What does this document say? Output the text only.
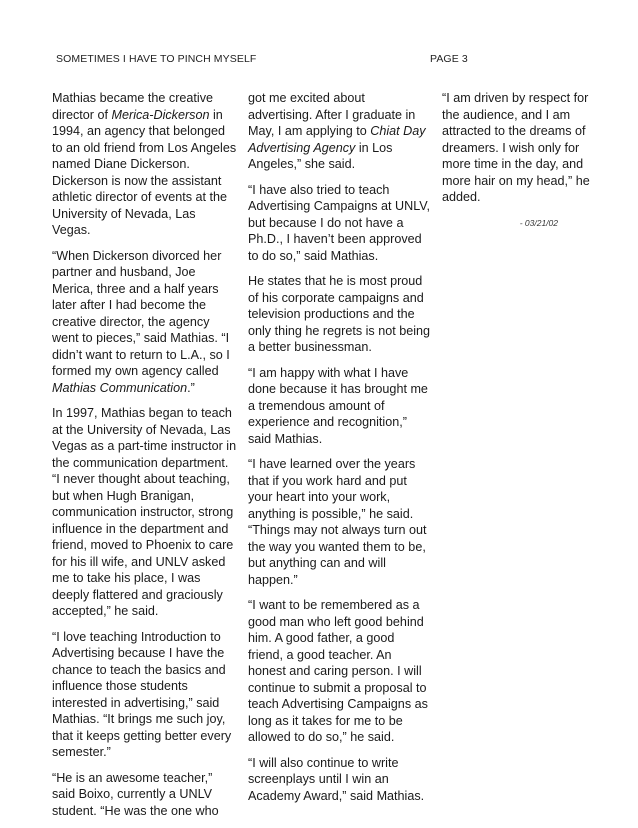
SOMETIMES I HAVE TO PINCH MYSELF	PAGE 3

Mathias became the creative director of Merica-Dickerson in 1994, an agency that belonged to an old friend from Los Angeles named Diane Dickerson. Dickerson is now the assistant athletic director of events at the University of Nevada, Las Vegas.

“When Dickerson divorced her partner and husband, Joe Merica, three and a half years later after I had become the creative director, the agency went to pieces,” said Mathias. “I didn’t want to return to L.A., so I formed my own agency called Mathias Communication.”

In 1997, Mathias began to teach at the University of Nevada, Las Vegas as a part-time instructor in the communication department. “I never thought about teaching, but when Hugh Branigan, communication instructor, strong influence in the department and friend, moved to Phoenix to care for his ill wife, and UNLV asked me to take his place, I was deeply flattered and graciously accepted,” he said.

“I love teaching Introduction to Advertising because I have the chance to teach the basics and influence those students interested in advertising,” said Mathias. “It brings me such joy, that it keeps getting better every semester.”

“He is an awesome teacher,” said Boixo, currently a UNLV student. “He was the one who

got me excited about advertising. After I graduate in May, I am applying to Chiat Day Advertising Agency in Los Angeles,” she said.

“I have also tried to teach Advertising Campaigns at UNLV, but because I do not have a Ph.D., I haven’t been approved to do so,” said Mathias.

He states that he is most proud of his corporate campaigns and television productions and the only thing he regrets is not being a better businessman.

“I am happy with what I have done because it has brought me a tremendous amount of experience and recognition,” said Mathias.

“I have learned over the years that if you work hard and put your heart into your work, anything is possible,” he said. “Things may not always turn out the way you wanted them to be, but anything can and will happen.”

“I want to be remembered as a good man who left good behind him. A good father, a good friend, a good teacher. An honest and caring person. I will continue to submit a proposal to teach Advertising Campaigns as long as it takes for me to be allowed to do so,” he said.

“I will also continue to write screenplays until I win an Academy Award,” said Mathias.

“I am driven by respect for the audience, and I am attracted to the dreams of dreamers. I wish only for more time in the day, and more hair on my head,” he added.

- 03/21/02
